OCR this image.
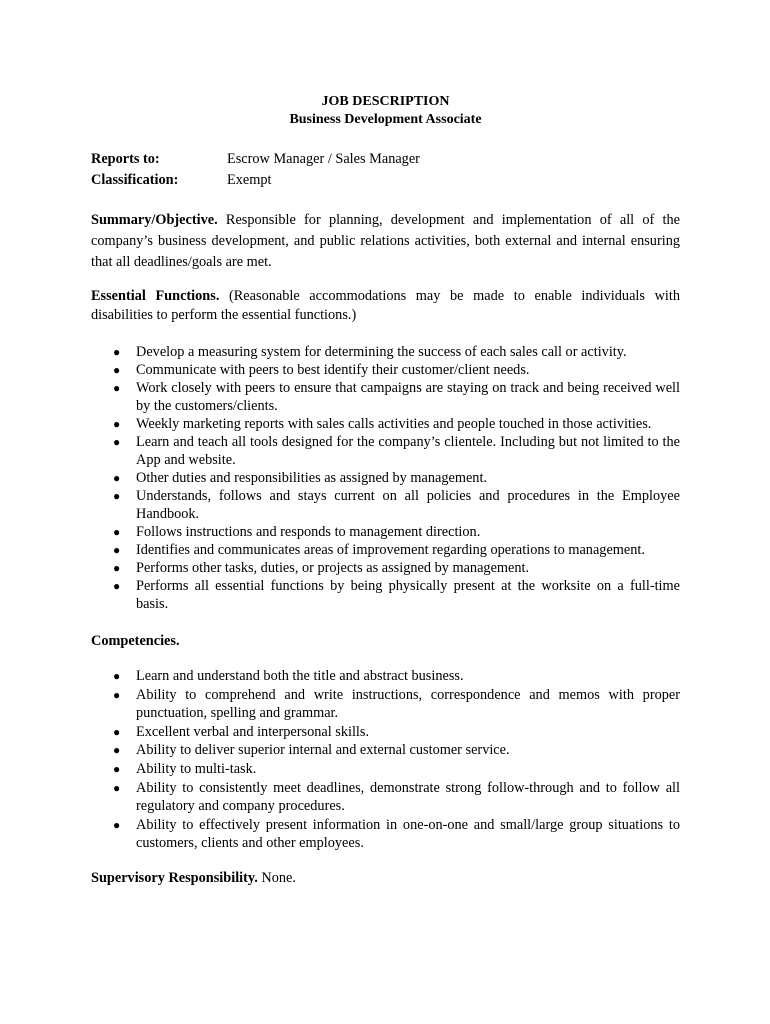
JOB DESCRIPTION
Business Development Associate
Reports to:	Escrow Manager / Sales Manager
Classification:	Exempt
Summary/Objective. Responsible for planning, development and implementation of all of the company’s business development, and public relations activities, both external and internal ensuring that all deadlines/goals are met.
Essential Functions. (Reasonable accommodations may be made to enable individuals with disabilities to perform the essential functions.)
● Develop a measuring system for determining the success of each sales call or activity.
● Communicate with peers to best identify their customer/client needs.
● Work closely with peers to ensure that campaigns are staying on track and being received well by the customers/clients.
● Weekly marketing reports with sales calls activities and people touched in those activities.
● Learn and teach all tools designed for the company’s clientele. Including but not limited to the App and website.
● Other duties and responsibilities as assigned by management.
● Understands, follows and stays current on all policies and procedures in the Employee Handbook.
● Follows instructions and responds to management direction.
● Identifies and communicates areas of improvement regarding operations to management.
● Performs other tasks, duties, or projects as assigned by management.
● Performs all essential functions by being physically present at the worksite on a full-time basis.
Competencies.
● Learn and understand both the title and abstract business.
● Ability to comprehend and write instructions, correspondence and memos with proper punctuation, spelling and grammar.
● Excellent verbal and interpersonal skills.
● Ability to deliver superior internal and external customer service.
● Ability to multi-task.
● Ability to consistently meet deadlines, demonstrate strong follow-through and to follow all regulatory and company procedures.
● Ability to effectively present information in one-on-one and small/large group situations to customers, clients and other employees.
Supervisory Responsibility. None.
